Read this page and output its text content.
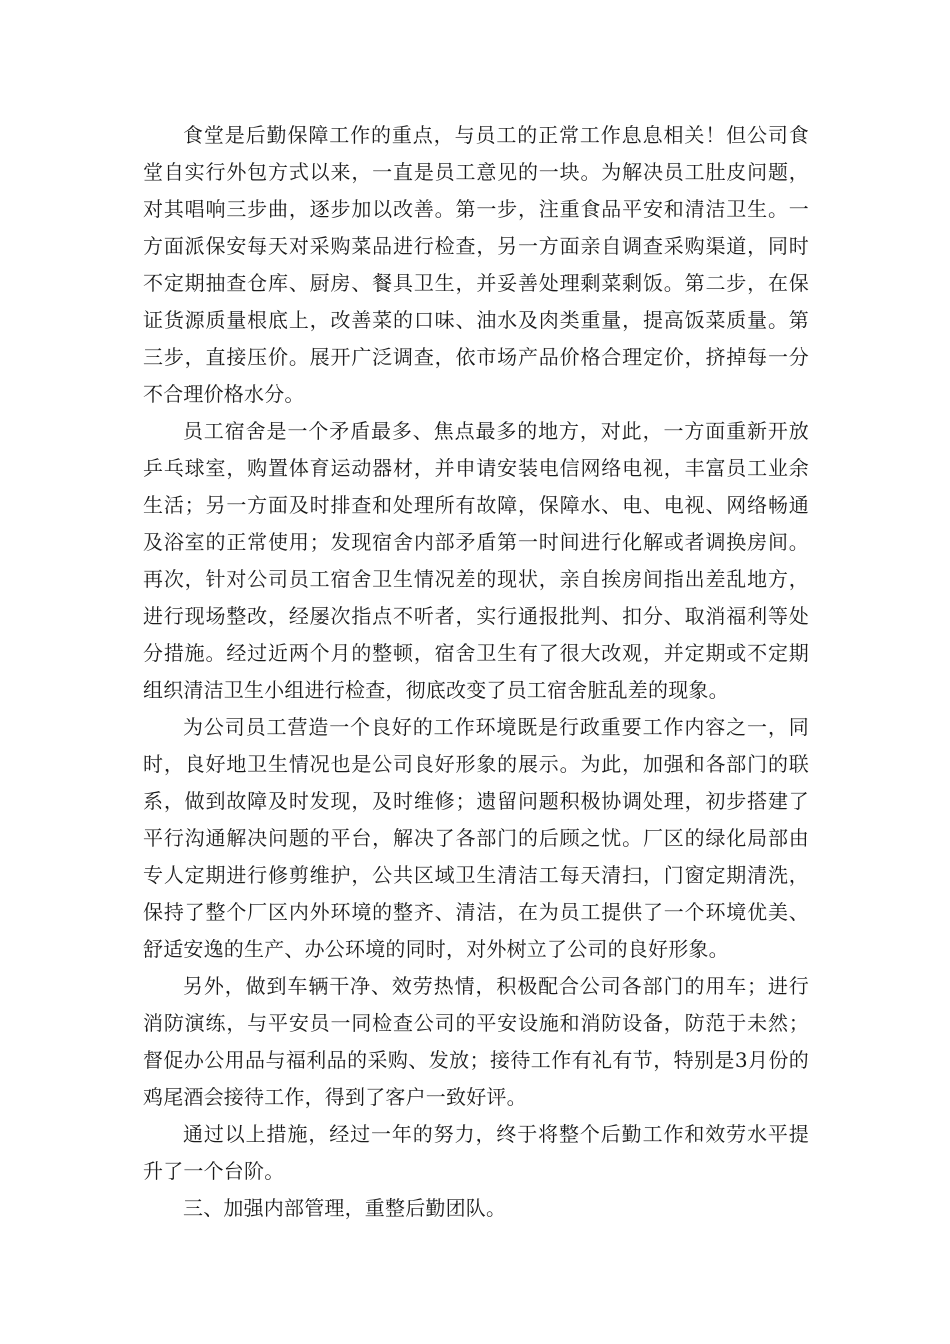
食堂是后勤保障工作的重点，与员工的正常工作息息相关！但公司食堂自实行外包方式以来，一直是员工意见的一块。为解决员工肚皮问题，对其唱响三步曲，逐步加以改善。第一步，注重食品平安和清洁卫生。一方面派保安每天对采购菜品进行检查，另一方面亲自调查采购渠道，同时不定期抽查仓库、厨房、餐具卫生，并妥善处理剩菜剩饭。第二步，在保证货源质量根底上，改善菜的口味、油水及肉类重量，提高饭菜质量。第三步，直接压价。展开广泛调查，依市场产品价格合理定价，挤掉每一分不合理价格水分。

员工宿舍是一个矛盾最多、焦点最多的地方，对此，一方面重新开放乒乓球室，购置体育运动器材，并申请安装电信网络电视，丰富员工业余生活；另一方面及时排查和处理所有故障，保障水、电、电视、网络畅通及浴室的正常使用；发现宿舍内部矛盾第一时间进行化解或者调换房间。再次，针对公司员工宿舍卫生情况差的现状，亲自挨房间指出差乱地方，进行现场整改，经屡次指点不听者，实行通报批判、扣分、取消福利等处分措施。经过近两个月的整顿，宿舍卫生有了很大改观，并定期或不定期组织清洁卫生小组进行检查，彻底改变了员工宿舍脏乱差的现象。

为公司员工营造一个良好的工作环境既是行政重要工作内容之一，同时，良好地卫生情况也是公司良好形象的展示。为此，加强和各部门的联系，做到故障及时发现，及时维修；遗留问题积极协调处理，初步搭建了平行沟通解决问题的平台，解决了各部门的后顾之忧。厂区的绿化局部由专人定期进行修剪维护，公共区域卫生清洁工每天清扫，门窗定期清洗，保持了整个厂区内外环境的整齐、清洁，在为员工提供了一个环境优美、舒适安逸的生产、办公环境的同时，对外树立了公司的良好形象。

另外，做到车辆干净、效劳热情，积极配合公司各部门的用车；进行消防演练，与平安员一同检查公司的平安设施和消防设备，防范于未然；督促办公用品与福利品的采购、发放；接待工作有礼有节，特别是3月份的鸡尾酒会接待工作，得到了客户一致好评。

通过以上措施，经过一年的努力，终于将整个后勤工作和效劳水平提升了一个台阶。

三、加强内部管理，重整后勤团队。
